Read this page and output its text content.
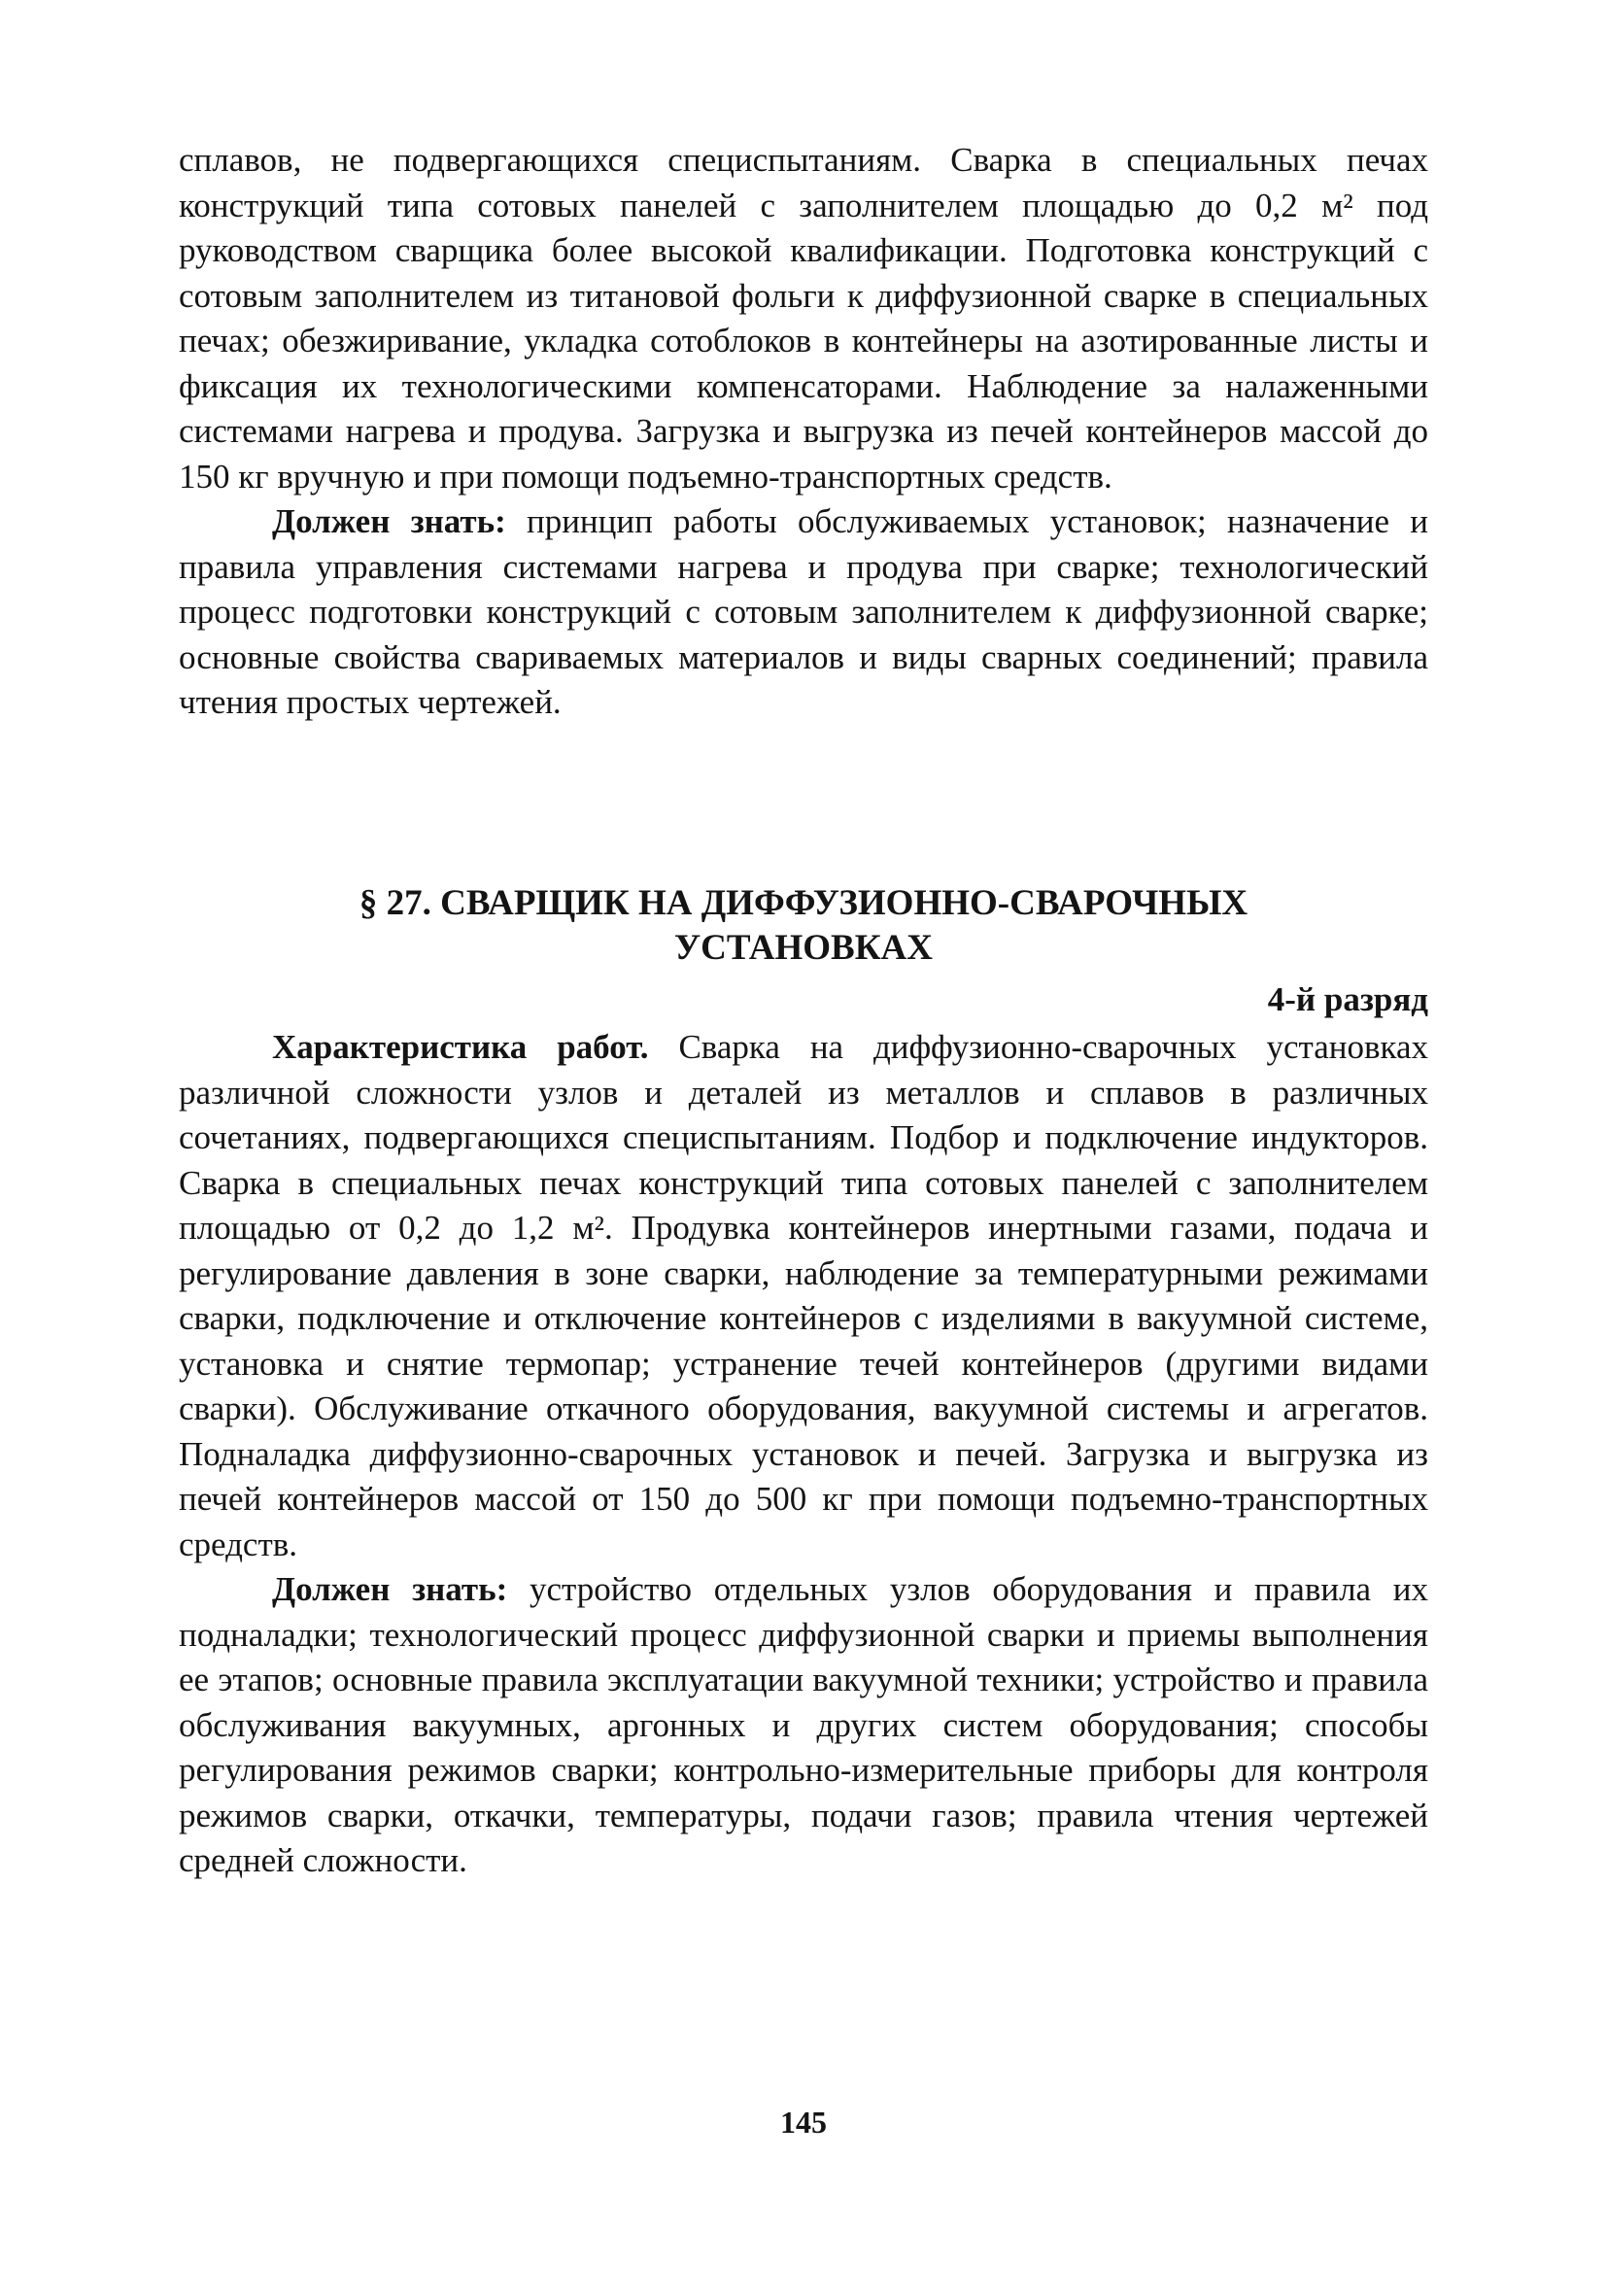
сплавов, не подвергающихся специспытаниям. Сварка в специальных печах конструкций типа сотовых панелей с заполнителем площадью до 0,2 м² под руководством сварщика более высокой квалификации. Подготовка конструкций с сотовым заполнителем из титановой фольги к диффузионной сварке в специальных печах; обезжиривание, укладка сотоблоков в контейнеры на азотированные листы и фиксация их технологическими компенсаторами. Наблюдение за налаженными системами нагрева и продува. Загрузка и выгрузка из печей контейнеров массой до 150 кг вручную и при помощи подъемно-транспортных средств.

Должен знать: принцип работы обслуживаемых установок; назначение и правила управления системами нагрева и продува при сварке; технологический процесс подготовки конструкций с сотовым заполнителем к диффузионной сварке; основные свойства свариваемых материалов и виды сварных соединений; правила чтения простых чертежей.

§ 27. СВАРЩИК НА ДИФФУЗИОННО-СВАРОЧНЫХ
УСТАНОВКАХ

4-й разряд

Характеристика работ. Сварка на диффузионно-сварочных установках различной сложности узлов и деталей из металлов и сплавов в различных сочетаниях, подвергающихся специспытаниям. Подбор и подключение индукторов. Сварка в специальных печах конструкций типа сотовых панелей с заполнителем площадью от 0,2 до 1,2 м². Продувка контейнеров инертными газами, подача и регулирование давления в зоне сварки, наблюдение за температурными режимами сварки, подключение и отключение контейнеров с изделиями в вакуумной системе, установка и снятие термопар; устранение течей контейнеров (другими видами сварки). Обслуживание откачного оборудования, вакуумной системы и агрегатов. Подналадка диффузионно-сварочных установок и печей. Загрузка и выгрузка из печей контейнеров массой от 150 до 500 кг при помощи подъемно-транспортных средств.

Должен знать: устройство отдельных узлов оборудования и правила их подналадки; технологический процесс диффузионной сварки и приемы выполнения ее этапов; основные правила эксплуатации вакуумной техники; устройство и правила обслуживания вакуумных, аргонных и других систем оборудования; способы регулирования режимов сварки; контрольно-измерительные приборы для контроля режимов сварки, откачки, температуры, подачи газов; правила чтения чертежей средней сложности.

145
